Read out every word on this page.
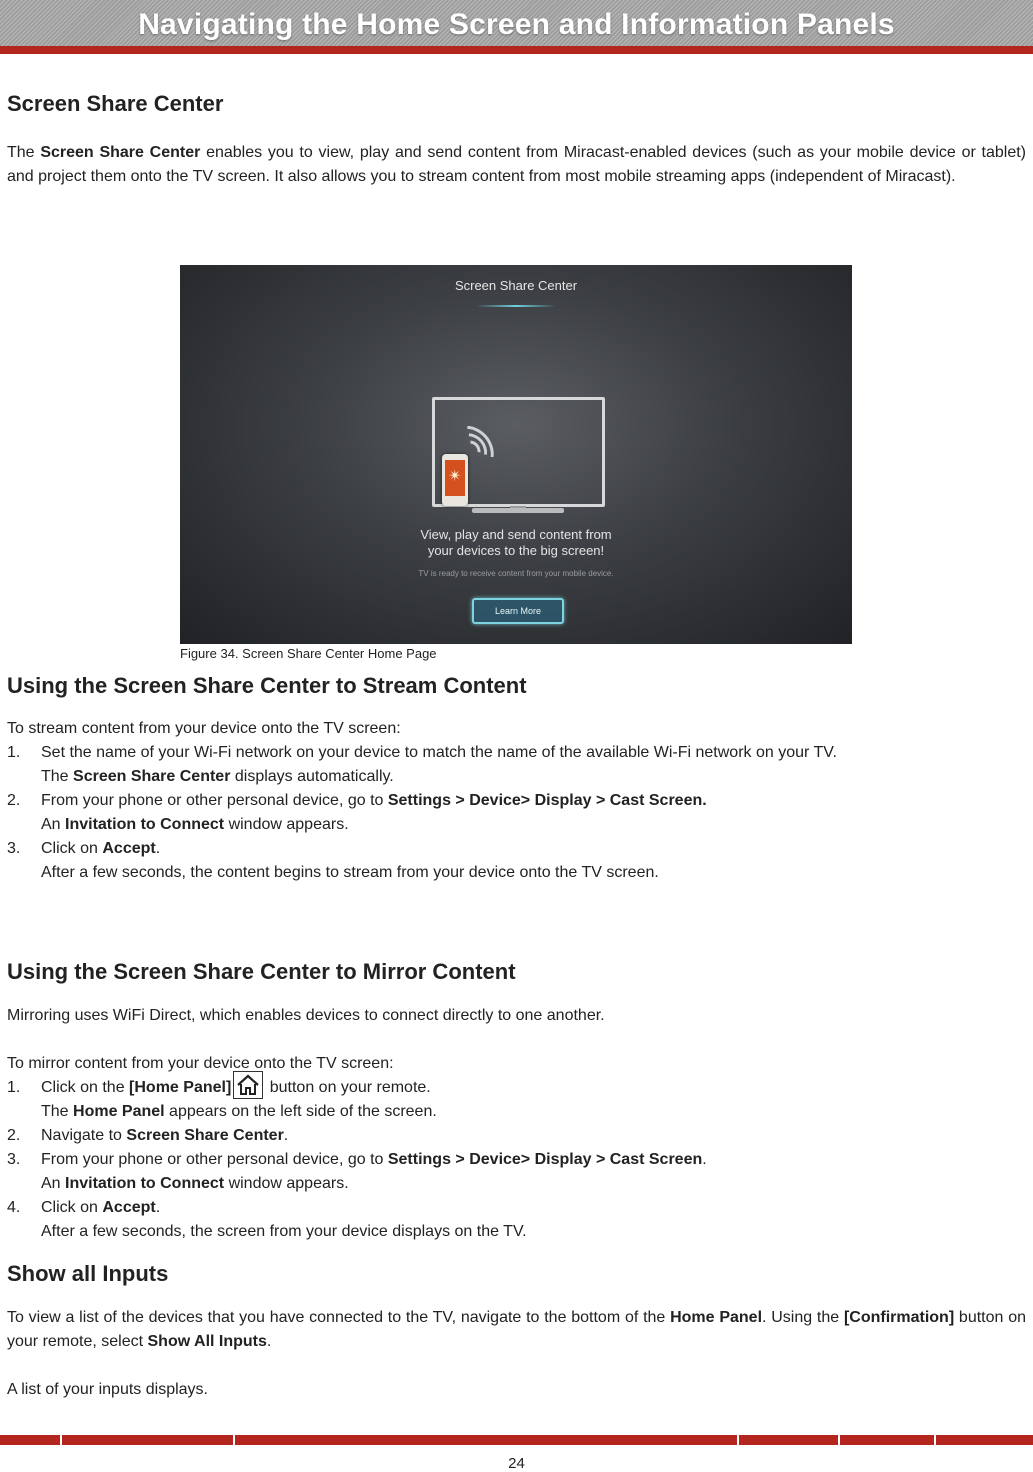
Navigating the Home Screen and Information Panels
Screen Share Center
The Screen Share Center enables you to view, play and send content from Miracast-enabled devices (such as your mobile device or tablet) and project them onto the TV screen. It also allows you to stream content from most mobile streaming apps (independent of Miracast).
Screen Share Center
✴
View, play and send content from
your devices to the big screen!
TV is ready to receive content from your mobile device.
Learn More
Figure 34. Screen Share Center Home Page
Using the Screen Share Center to Stream Content
To stream content from your device onto the TV screen:
1. Set the name of your Wi-Fi network on your device to match the name of the available Wi-Fi network on your TV.
The Screen Share Center displays automatically.
2. From your phone or other personal device, go to Settings > Device> Display > Cast Screen.
An Invitation to Connect window appears.
3. Click on Accept.
After a few seconds, the content begins to stream from your device onto the TV screen.
Using the Screen Share Center to Mirror Content
Mirroring uses WiFi Direct, which enables devices to connect directly to one another.
To mirror content from your device onto the TV screen:
1. Click on the [Home Panel] button on your remote.
The Home Panel appears on the left side of the screen.
2. Navigate to Screen Share Center.
3. From your phone or other personal device, go to Settings > Device> Display > Cast Screen.
An Invitation to Connect window appears.
4. Click on Accept.
After a few seconds, the screen from your device displays on the TV.
Show all Inputs
To view a list of the devices that you have connected to the TV, navigate to the bottom of the Home Panel. Using the [Confirmation] button on your remote, select Show All Inputs.
A list of your inputs displays.
24
